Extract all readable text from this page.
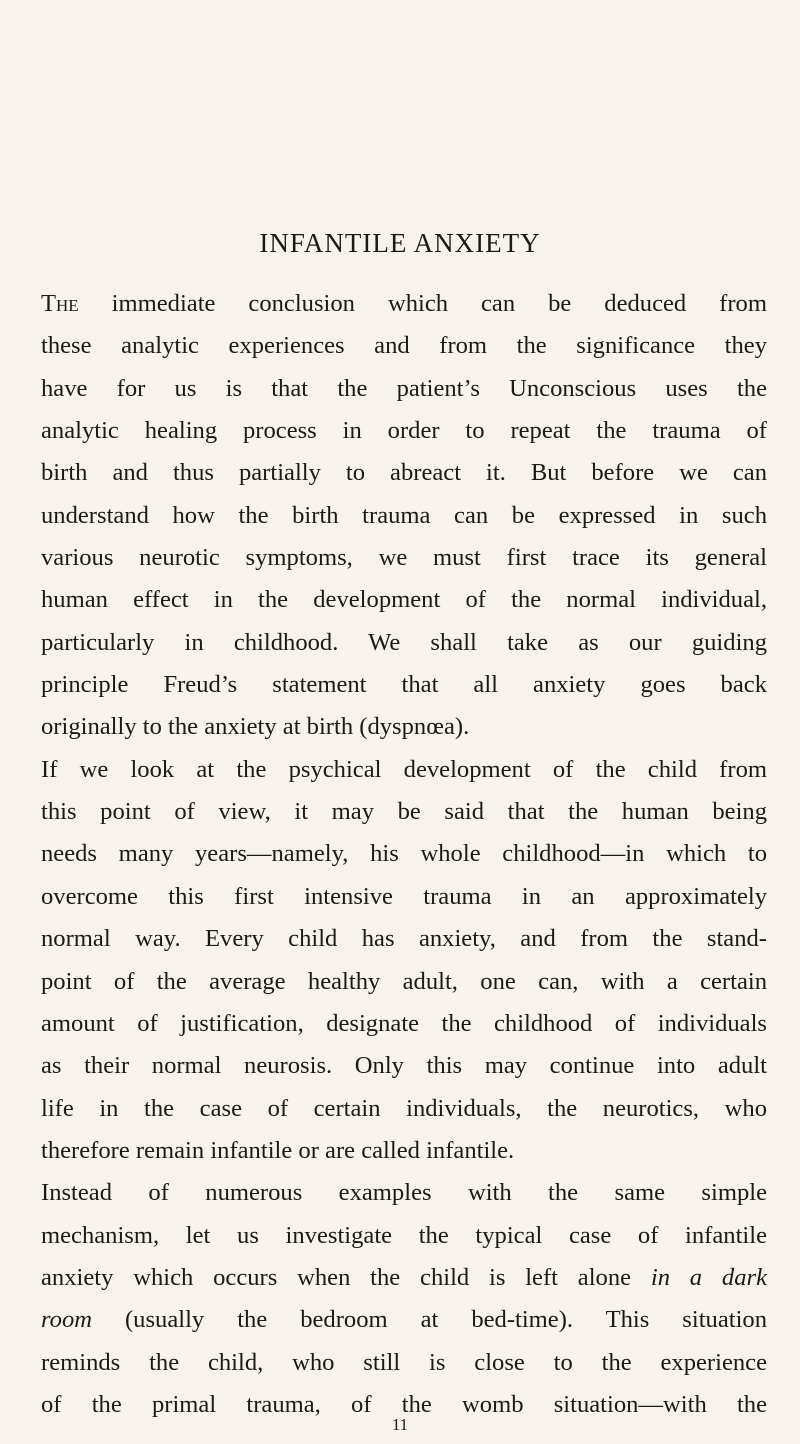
INFANTILE ANXIETY
The immediate conclusion which can be deduced from
these analytic experiences and from the significance they
have for us is that the patient’s Unconscious uses the
analytic healing process in order to repeat the trauma of
birth and thus partially to abreact it. But before we can
understand how the birth trauma can be expressed in such
various neurotic symptoms, we must first trace its general
human effect in the development of the normal individual,
particularly in childhood. We shall take as our guiding
principle Freud’s statement that all anxiety goes back
originally to the anxiety at birth (dyspnœa).
If we look at the psychical development of the child from
this point of view, it may be said that the human being
needs many years—namely, his whole childhood—in which to
overcome this first intensive trauma in an approximately
normal way. Every child has anxiety, and from the stand-
point of the average healthy adult, one can, with a certain
amount of justification, designate the childhood of individuals
as their normal neurosis. Only this may continue into adult
life in the case of certain individuals, the neurotics, who
therefore remain infantile or are called infantile.
Instead of numerous examples with the same simple
mechanism, let us investigate the typical case of infantile
anxiety which occurs when the child is left alone in a dark
room (usually the bedroom at bed-time). This situation
reminds the child, who still is close to the experience
of the primal trauma, of the womb situation—with the

11
